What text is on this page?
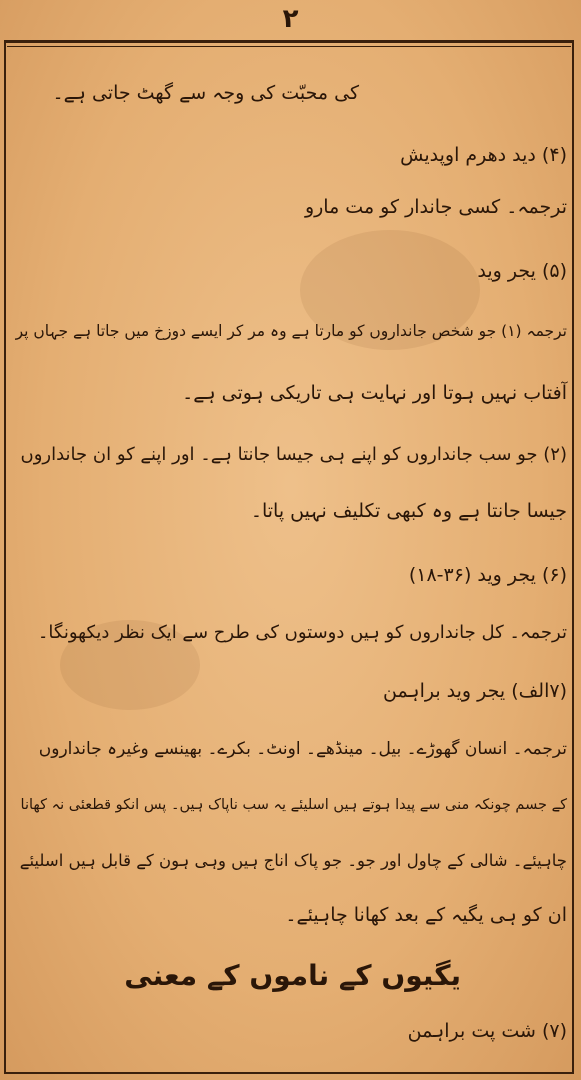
۲
کی محبّت کی وجہ سے گھٹ جاتی ہے۔
(۴) دید دھرم اوپدیش
ترجمہ۔ کسی جاندار کو مت مارو
(۵) یجر وید
ترجمہ (۱) جو شخص جانداروں کو مارتا ہے وہ مر کر ایسے دوزخ میں جاتا ہے جہاں پر
آفتاب نہیں ہوتا اور نہایت ہی تاریکی ہوتی ہے۔
(۲) جو سب جانداروں کو اپنے ہی جیسا جانتا ہے۔ اور اپنے کو ان جانداروں
جیسا جانتا ہے وہ کبھی تکلیف نہیں پاتا۔
(۶) یجر وید (۳۶-۱۸)
ترجمہ۔ کل جانداروں کو ہیں دوستوں کی طرح سے ایک نظر دیکھونگا۔
(۷الف) یجر وید براہمن
ترجمہ۔ انسان گھوڑے۔ بیل۔ مینڈھے۔ اونٹ۔ بکرے۔ بھینسے وغیرہ جانداروں
کے جسم چونکہ منی سے پیدا ہوتے ہیں اسلیئے یہ سب ناپاک ہیں۔ پس انکو قطعئی نہ کھانا
چاہیئے۔ شالی کے چاول اور جو۔ جو پاک اناج ہیں وہی ہون کے قابل ہیں اسلیئے
ان کو ہی یگیہ کے بعد کھانا چاہیئے۔
یگیوں کے ناموں کے معنی
(۷) شت پت براہمن
